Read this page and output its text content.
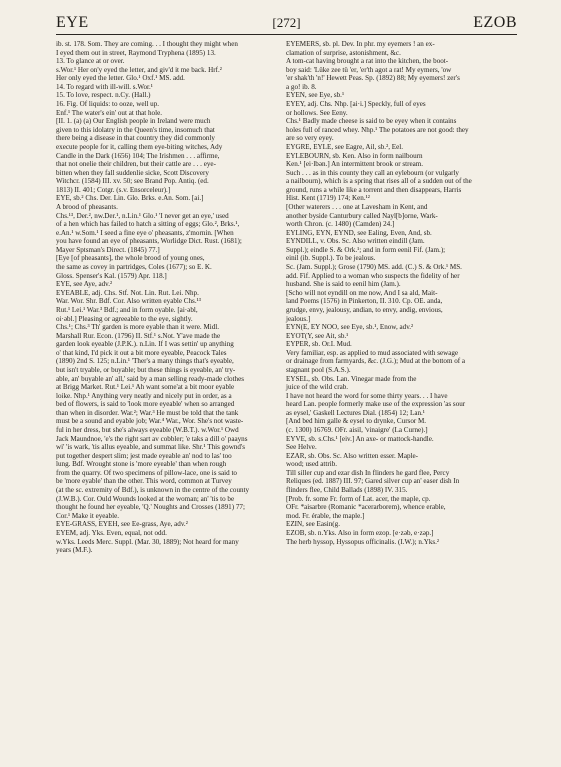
EYE	[272]	EZOB

ib. st. 178. Som. They are coming. . . I thought they might when

I eyed them out in street, Raymond Tryphena (1895) 13.

13. To glance at or over.

s.Wor.¹ Her on'y eyed the letter, and giv'd it me back. Hrf.²

Her only eyed the letter. Glo.¹ Oxf.¹ MS. add.

14. To regard with ill-will. s.Wor.¹

15. To love, respect. n.Cy. (Hall.)

16. Fig. Of liquids: to ooze, well up.

Enf.¹ The water's ein' out at that hole.

[II. 1. (a) (a) Our English people in Ireland were much

given to this idolatry in the Queen's time, insomuch that

there being a disease in that country they did commonly

execute people for it, calling them eye-biting witches, Ady

Candle in the Dark (1656) 104; The Irishmen . . . affirme,

that not onelie their children, but their cattle are . . . eye-

bitten when they fall suddenlie sicke, Scott Discovery

Witchcr. (1584) III. xv. 50; see Brand Pop. Antiq. (ed.

1813) II. 401; Cotgr. (s.v. Ensorceleur).]

EYE, sb.² Chs. Der. Lin. Glo. Brks. e.An. Som. [ai.]

A brood of pheasants.

Chs.¹³, Der.², nw.Der.¹, n.Lin.¹ Glo.¹ 'I never get an eye,' used

of a hen which has failed to hatch a sitting of eggs; Glo.², Brks.¹,

e.An.¹ w.Som.¹ I seed a fine eye o' pheasants, z'mornin. [When

you have found an eye of pheasants, Worlidge Dict. Rust. (1681);

Mayer Sptsman's Direct. (1845) 77.]

[Eye [of pheasants], the whole brood of young ones,

the same as covey in partridges, Coles (1677); so E. K.

Gloss. Spenser's Kal. (1579) Apr. 118.]

EYE, see Aye, adv.²

EYEABLE, adj. Chs. Stf. Not. Lin. Rut. Lei. Nhp.

War. Wor. Shr. Bdf. Cor. Also written eyable Chs.¹³

Rut.¹ Lei.¹ War.³ Bdf.; and in form oyable. [ai·əbl,

oi·əbl.] Pleasing or agreeable to the eye, sightly.

Chs.¹; Chs.³ Th' garden is more eyable than it were. Midl.

Marshall Rur. Econ. (1796) II. Stf.¹ s.Not. Y'ave made the

garden look eyeable (J.P.K.). n.Lin. If I was settin' up anything

o' that kind, I'd pick it out a bit more eyeable, Peacock Tales

(1890) 2nd S. 125; n.Lin.¹ 'Ther's a many things that's eyeable,

but isn't tryable, or buyable; but these things is eyeable, an' try-

able, an' buyable an' all,' said by a man selling ready-made clothes

at Brigg Market. Rut.¹ Lei.¹ Ah want some'at a bit moor eyable

loike. Nhp.¹ Anything very neatly and nicely put in order, as a

bed of flowers, is said to 'look more eyeable' when so arranged

than when in disorder. War.²; War.³ He must be told that the tank

must be a sound and eyable job; War.⁴ War., Wor. She's not waste-

ful in her dress, but she's always eyeable (W.B.T.). w.Wor.¹ Owd

Jack Maundnoe, 'e's the right sart av cobbler; 'e taks a dill o' paayns

wi' 'is wark, 'tis allus eyeable, and summat like. Shr.¹ This gownd's

put together despert slim; jest made eyeable an' nod to las' too

lung. Bdf. Wrought stone is 'more eyeable' than when rough

from the quarry. Of two specimens of pillow-lace, one is said to

be 'more eyable' than the other. This word, common at Turvey

(at the sc. extremity of Bdf.), is unknown in the centre of the county

(J.W.B.). Cor. Ould Wounds looked at the woman; an' 'tis to be

thought he found her eyeable, 'Q.' Noughts and Crosses (1891) 77;

Cor.¹ Make it eyeable.

EYE-GRASS, EYEH, see Ee-grass, Aye, adv.²

EYEM, adj. Yks. Even, equal, not odd.

w.Yks. Leeds Merc. Suppl. (Mar. 30, 1889); Not heard for many

years (M.F.).

EYEMERS, sb. pl. Dev. In phr. my eyemers ! an ex-

clamation of surprise, astonishment, &c.

A tom-cat having brought a rat into the kitchen, the boot-

boy said: 'Lüke zee tü 'er, 'er'th agot a rat! My eymers, 'ow

'er shak'th 'n!' Hewett Peas. Sp. (1892) 88; My eyemers! zer's

a go! ib. 8.

EYEN, see Eye, sb.¹

EYEY, adj. Chs. Nhp. [ai·i.] Speckly, full of eyes

or hollows. See Eeny.

Chs.¹ Badly made cheese is said to be eyey when it contains

holes full of ranced whey. Nhp.¹ The potatoes are not good: they

are so very eyey.

EYGRE, EYLE, see Eagre, Ail, sb.², Eel.

EYLEBOURN, sb. Ken. Also in form nailbourn

Ken.¹ [ei·lbǝn.] An intermittent brook or stream.

Such . . . as in this county they call an eylebourn (or vulgarly

a nailbourn), which is a spring that rises all of a sudden out of the

ground, runs a while like a torrent and then disappears, Harris

Hist. Kent (1719) 174; Ken.¹²

[Other waterers . . . one at Lavesham in Kent, and

another byside Canturbury called Nayl[b]orne, Wark-

worth Chron. (c. 1480) (Camden) 24.]

EYLING, EYN, EYND, see Ealing, Even, And, sb.

EYNDILL, v. Obs. Sc. Also written eindill (Jam.

Suppl.); eindle S. & Ork.¹; and in form eenil Fif. (Jam.);

einil (ib. Suppl.). To be jealous.

Sc. (Jam. Suppl.); Grose (1790) MS. add. (C.) S. & Ork.¹ MS.

add. Fif. Applied to a woman who suspects the fidelity of her

husband. She is said to eenil him (Jam.).

[Scho will not eyndill on me now, And I sa ald, Mait-

land Poems (1576) in Pinkerton, II. 310. Cp. OE. anda,

grudge, envy, jealousy, andian, to envy, andig, envious,

jealous.]

EYN(E, EY NOO, see Eye, sb.¹, Enow, adv.²

EYOT(Y, see Ait, sb.¹

EYPER, sb. Or.I. Mud.

Very familiar, esp. as applied to mud associated with sewage

or drainage from farmyards, &c. (J.G.); Mud at the bottom of a

stagnant pool (S.A.S.).

EYSEL, sb. Obs. Lan. Vinegar made from the

juice of the wild crab.

I have not heard the word for some thirty years. . . I have

heard Lan. people formerly make use of the expression 'as sour

as eysel,' Gaskell Lectures Dial. (1854) 12; Lan.¹

[And bed him galle & eysel to drynke, Cursor M.

(c. 1300) 16769. OFr. aisil, 'vinaigre' (La Curne).]

EYVE, sb. s.Chs.¹ [eiv.] An axe- or mattock-handle.

See Helve.

EZAR, sb. Obs. Sc. Also written esser. Maple-

wood; used attrib.

Till siller cup and ezar dish In flinders he gard flee, Percy

Reliques (ed. 1887) III. 97; Gared silver cup an' easer dish In

flinders flee, Child Ballads (1898) IV. 315.

[Prob. fr. some Fr. form of Lat. acer, the maple, cp.

OFr. *aisarbre (Romanic *acerarborem), whence erable,

mod. Fr. érable, the maple.]

EZIN, see Easin(g.

EZOB, sb. n.Yks. Also in form ezop. [e·zǝb, e·zǝp.]

The herb hyssop, Hyssopus officinalis. (I.W.); n.Yks.²
